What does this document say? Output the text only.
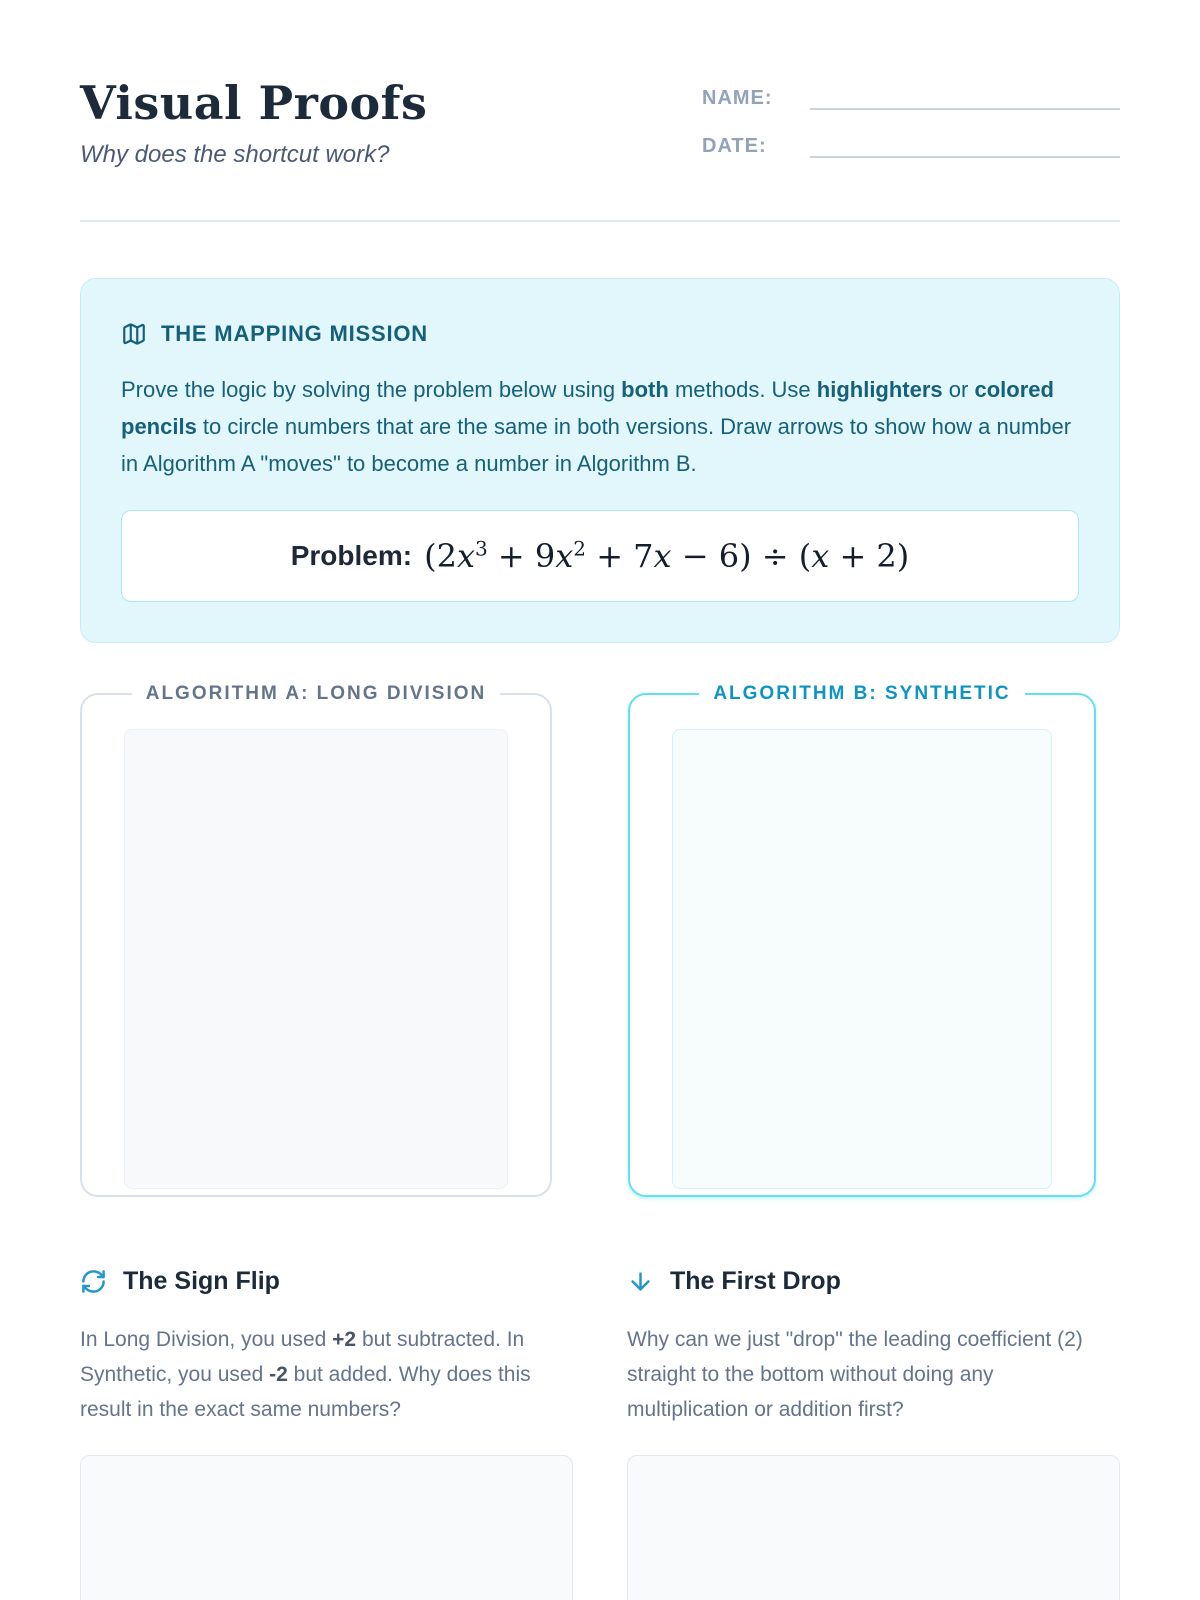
Visual Proofs
Why does the shortcut work?
NAME:
DATE:
THE MAPPING MISSION

Prove the logic by solving the problem below using both methods. Use highlighters or colored pencils to circle numbers that are the same in both versions. Draw arrows to show how a number in Algorithm A "moves" to become a number in Algorithm B.

Problem: $(2x^3 + 9x^2 + 7x - 6) \div (x + 2)$
ALGORITHM A: LONG DIVISION	ALGORITHM B: SYNTHETIC
The Sign Flip

In Long Division, you used +2 but subtracted. In Synthetic, you used -2 but added. Why does this result in the exact same numbers?

The First Drop

Why can we just "drop" the leading coefficient (2) straight to the bottom without doing any multiplication or addition first?
